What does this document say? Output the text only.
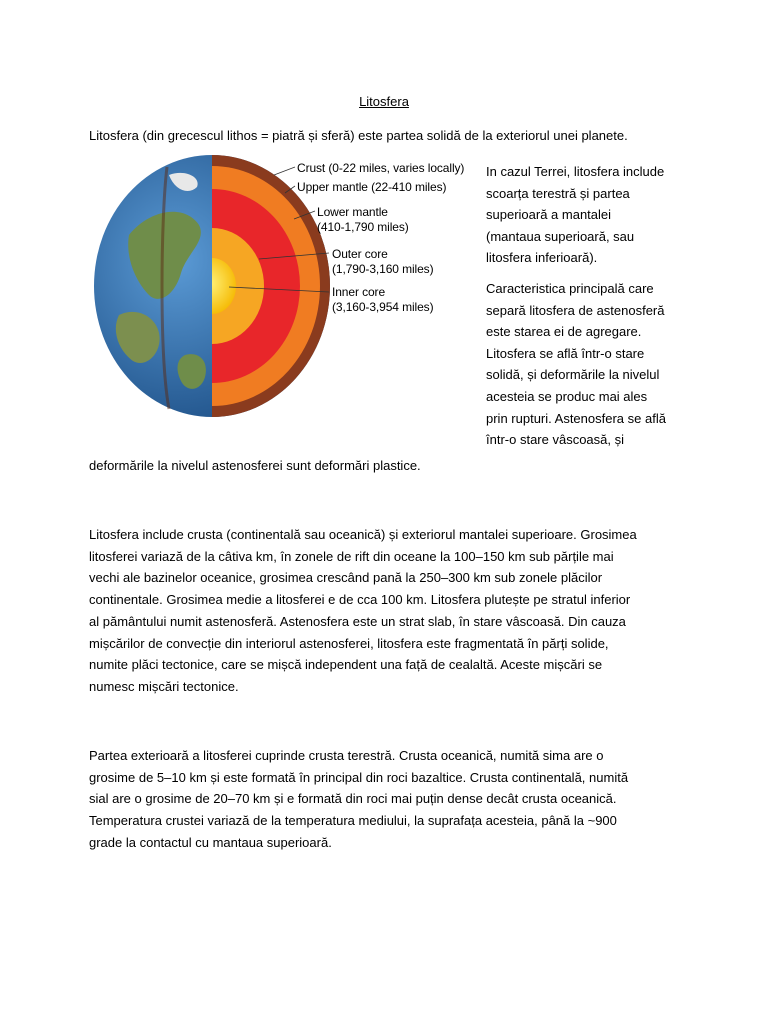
Litosfera
Litosfera (din grecescul lithos = piatră și sferă) este partea solidă de la exteriorul unei planete.
Crust (0-22 miles, varies locally)
Upper mantle (22-410 miles)
Lower mantle
(410-1,790 miles)
Outer core
(1,790-3,160 miles)
Inner core
(3,160-3,954 miles)

In cazul Terrei, litosfera include
scoarța terestră și partea
superioară a mantalei
(mantaua superioară, sau
litosfera inferioară).

Caracteristica principală care
separă litosfera de astenosferă
este starea ei de agregare.
Litosfera se află într-o stare
solidă, și deformările la nivelul
acesteia se produc mai ales
prin rupturi. Astenosfera se află
într-o stare vâscoasă, și

deformările la nivelul astenosferei sunt deformări plastice.

Litosfera include crusta (continentală sau oceanică) și exteriorul mantalei superioare. Grosimea
litosferei variază de la câtiva km, în zonele de rift din oceane la 100–150 km sub părțile mai
vechi ale bazinelor oceanice, grosimea crescând pană la 250–300 km sub zonele plăcilor
continentale. Grosimea medie a litosferei e de cca 100 km. Litosfera plutește pe stratul inferior
al pământului numit astenosferă. Astenosfera este un strat slab, în stare vâscoasă. Din cauza
mișcărilor de convecție din interiorul astenosferei, litosfera este fragmentată în părți solide,
numite plăci tectonice, care se mișcă independent una față de cealaltă. Aceste mișcări se
numesc mișcări tectonice.

Partea exterioară a litosferei cuprinde crusta terestră. Crusta oceanică, numită sima are o
grosime de 5–10 km și este formată în principal din roci bazaltice. Crusta continentală, numită
sial are o grosime de 20–70 km și e formată din roci mai puțin dense decât crusta oceanică.
Temperatura crustei variază de la temperatura mediului, la suprafața acesteia, până la ~900
grade la contactul cu mantaua superioară.
